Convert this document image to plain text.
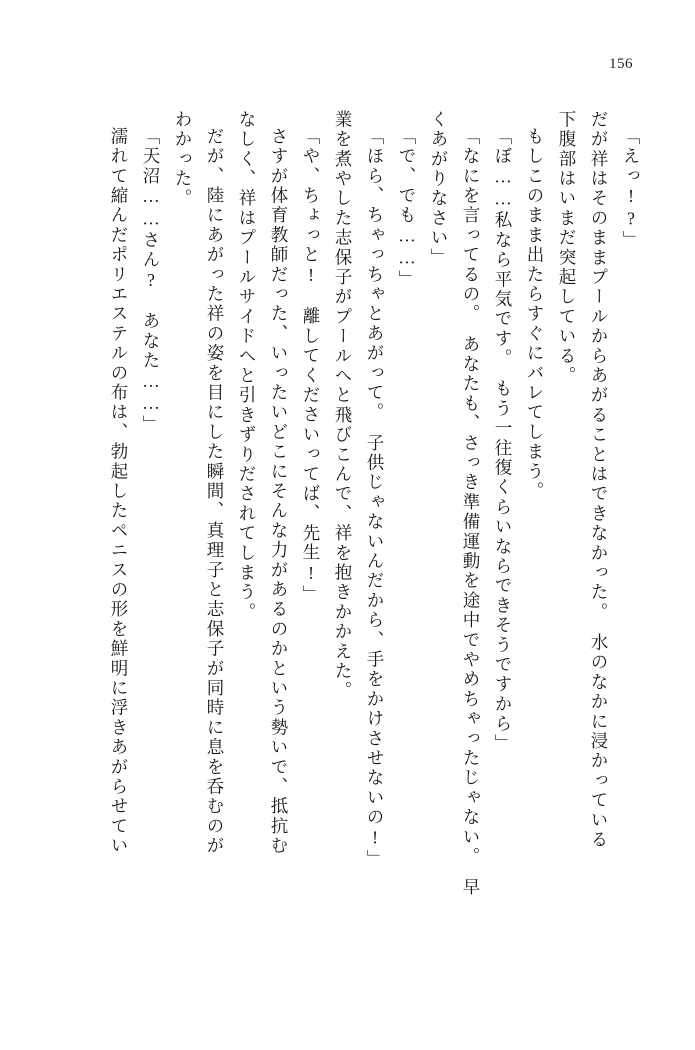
156
「えっ!?」
だが祥はそのままプールからあがることはできなかった。　水のなかに浸かっている
下腹部はいまだ突起している。
もしこのまま出たらすぐにバレてしまう。
「ぼ……私なら平気です。　もう一往復くらいならできそうですから」
「なにを言ってるの。　あなたも、さっき準備運動を途中でやめちゃったじゃない。　早
くあがりなさい」
「で、でも……」
「ほら、ちゃっちゃとあがって。　子供じゃないんだから、手をかけさせないの!」
業を煮やした志保子がプールへと飛びこんで、祥を抱きかかえた。
「や、ちょっと!　離してくださいってば、先生!」
さすが体育教師だった、いったいどこにそんな力があるのかという勢いで、抵抗む
なしく、祥はプールサイドへと引きずりだされてしまう。
だが、陸にあがった祥の姿を目にした瞬間、真理子と志保子が同時に息を呑むのが
わかった。
「天沼……さん?　あなた……」
濡れて縮んだポリエステルの布は、勃起したペニスの形を鮮明に浮きあがらせてい
